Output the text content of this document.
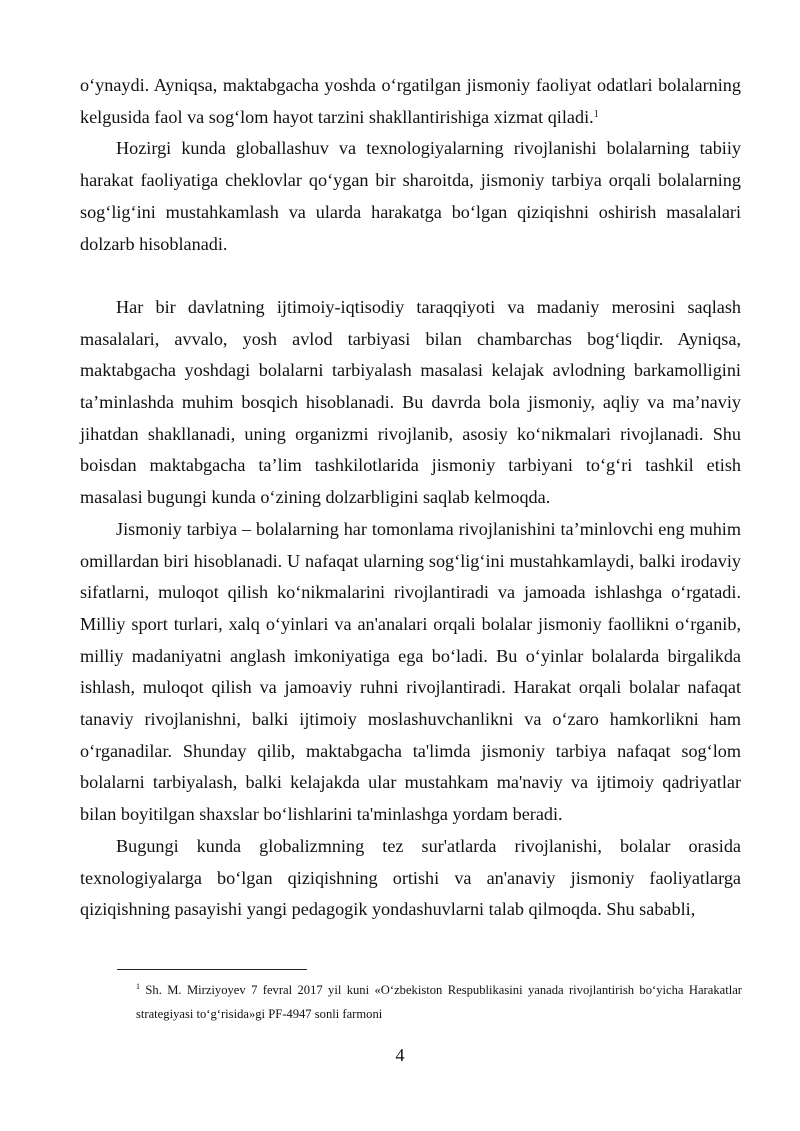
o‘ynaydi. Ayniqsa, maktabgacha yoshda o‘rgatilgan jismoniy faoliyat odatlari bolalarning kelgusida faol va sog‘lom hayot tarzini shakllantirishiga xizmat qiladi.$^1$

Hozirgi kunda globallashuv va texnologiyalarning rivojlanishi bolalarning tabiiy harakat faoliyatiga cheklovlar qo‘ygan bir sharoitda, jismoniy tarbiya orqali bolalarning sog‘lig‘ini mustahkamlash va ularda harakatga bo‘lgan qiziqishni oshirish masalalari dolzarb hisoblanadi.

Har bir davlatning ijtimoiy-iqtisodiy taraqqiyoti va madaniy merosini saqlash masalalari, avvalo, yosh avlod tarbiyasi bilan chambarchas bog‘liqdir. Ayniqsa, maktabgacha yoshdagi bolalarni tarbiyalash masalasi kelajak avlodning barkamolligini ta’minlashda muhim bosqich hisoblanadi. Bu davrda bola jismoniy, aqliy va ma’naviy jihatdan shakllanadi, uning organizmi rivojlanib, asosiy ko‘nikmalari rivojlanadi. Shu boisdan maktabgacha ta’lim tashkilotlarida jismoniy tarbiyani to‘g‘ri tashkil etish masalasi bugungi kunda o‘zining dolzarbligini saqlab kelmoqda.

Jismoniy tarbiya – bolalarning har tomonlama rivojlanishini ta’minlovchi eng muhim omillardan biri hisoblanadi. U nafaqat ularning sog‘lig‘ini mustahkamlaydi, balki irodaviy sifatlarni, muloqot qilish ko‘nikmalarini rivojlantiradi va jamoada ishlashga o‘rgatadi. Milliy sport turlari, xalq o‘yinlari va an'analari orqali bolalar jismoniy faollikni o‘rganib, milliy madaniyatni anglash imkoniyatiga ega bo‘ladi. Bu o‘yinlar bolalarda birgalikda ishlash, muloqot qilish va jamoaviy ruhni rivojlantiradi. Harakat orqali bolalar nafaqat tanaviy rivojlanishni, balki ijtimoiy moslashuvchanlikni va o‘zaro hamkorlikni ham o‘rganadilar. Shunday qilib, maktabgacha ta'limda jismoniy tarbiya nafaqat sog‘lom bolalarni tarbiyalash, balki kelajakda ular mustahkam ma'naviy va ijtimoiy qadriyatlar bilan boyitilgan shaxslar bo‘lishlarini ta'minlashga yordam beradi.

Bugungi kunda globalizmning tez sur'atlarda rivojlanishi, bolalar orasida texnologiyalarga bo‘lgan qiziqishning ortishi va an'anaviy jismoniy faoliyatlarga qiziqishning pasayishi yangi pedagogik yondashuvlarni talab qilmoqda. Shu sababli,

$^1$ Sh. M. Mirziyoyev 7 fevral 2017 yil kuni «O‘zbekiston Respublikasini yanada rivojlantirish bo‘yicha Harakatlar strategiyasi to‘g‘risida»gi PF-4947 sonli farmoni

4
